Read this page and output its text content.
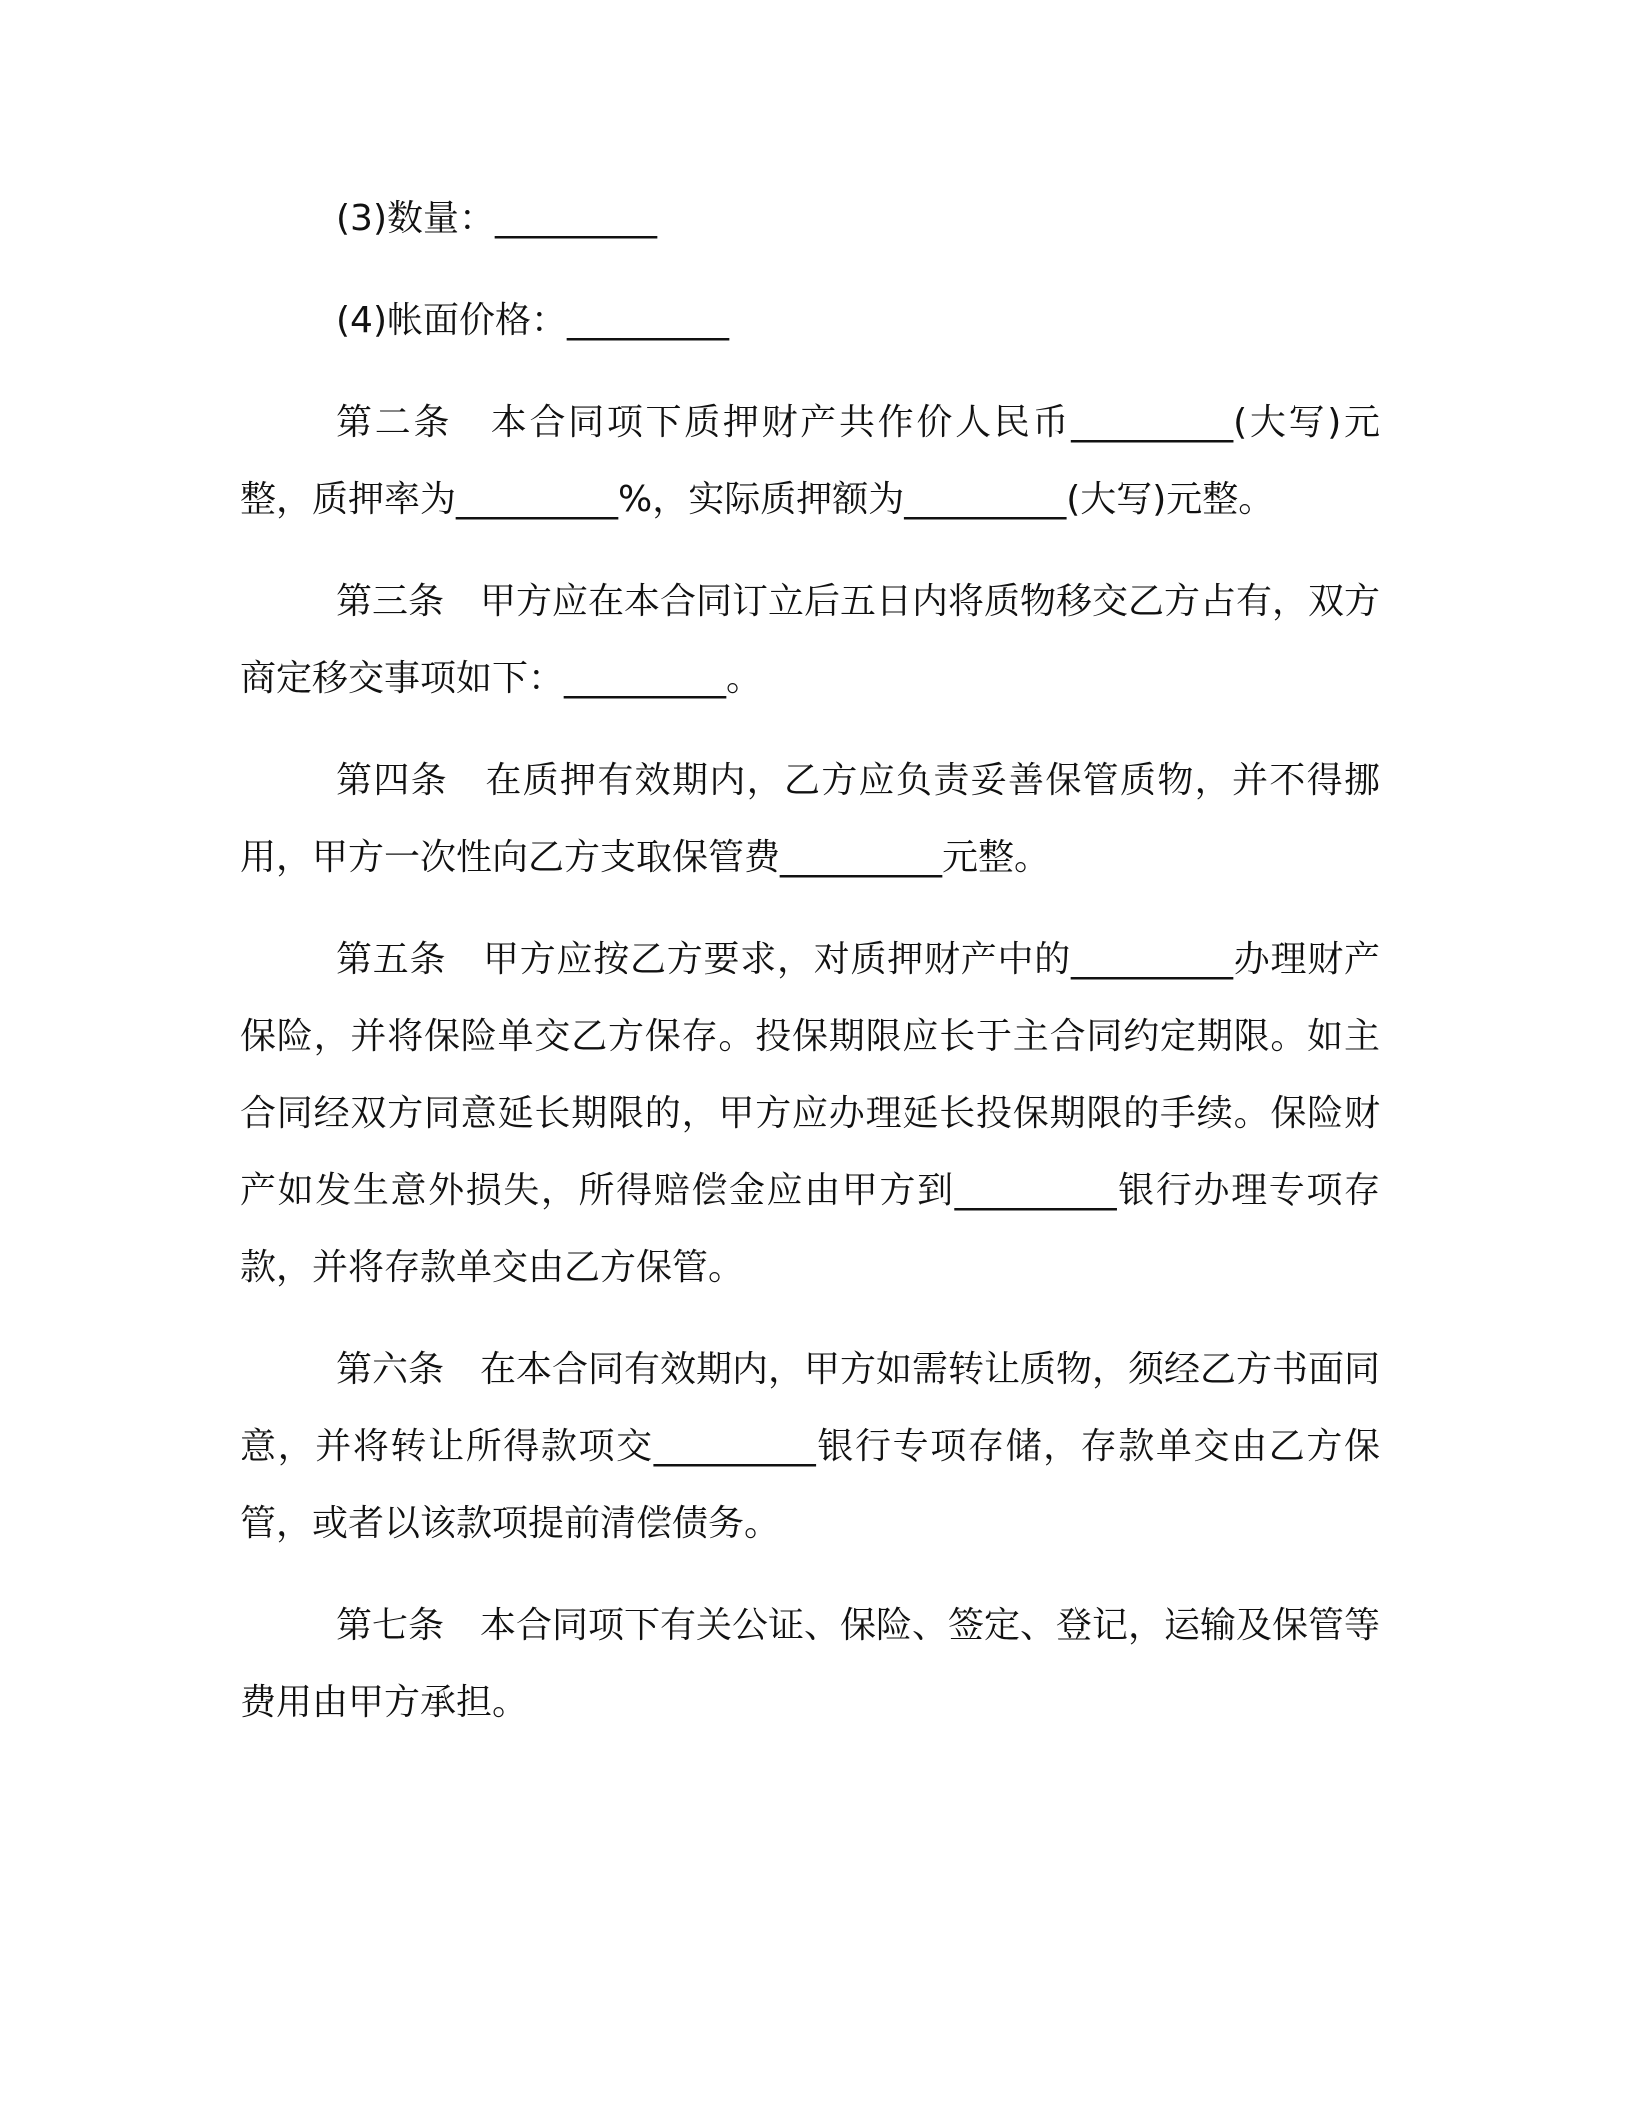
(3)数量：_________

(4)帐面价格：_________

第二条　本合同项下质押财产共作价人民币_________(大写)元整，质押率为_________%，实际质押额为_________(大写)元整。

第三条　甲方应在本合同订立后五日内将质物移交乙方占有，双方商定移交事项如下：_________。

第四条　在质押有效期内，乙方应负责妥善保管质物，并不得挪用，甲方一次性向乙方支取保管费_________元整。

第五条　甲方应按乙方要求，对质押财产中的_________办理财产保险，并将保险单交乙方保存。投保期限应长于主合同约定期限。如主合同经双方同意延长期限的，甲方应办理延长投保期限的手续。保险财产如发生意外损失，所得赔偿金应由甲方到_________银行办理专项存款，并将存款单交由乙方保管。

第六条　在本合同有效期内，甲方如需转让质物，须经乙方书面同意，并将转让所得款项交_________银行专项存储，存款单交由乙方保管，或者以该款项提前清偿债务。

第七条　本合同项下有关公证、保险、签定、登记，运输及保管等费用由甲方承担。
